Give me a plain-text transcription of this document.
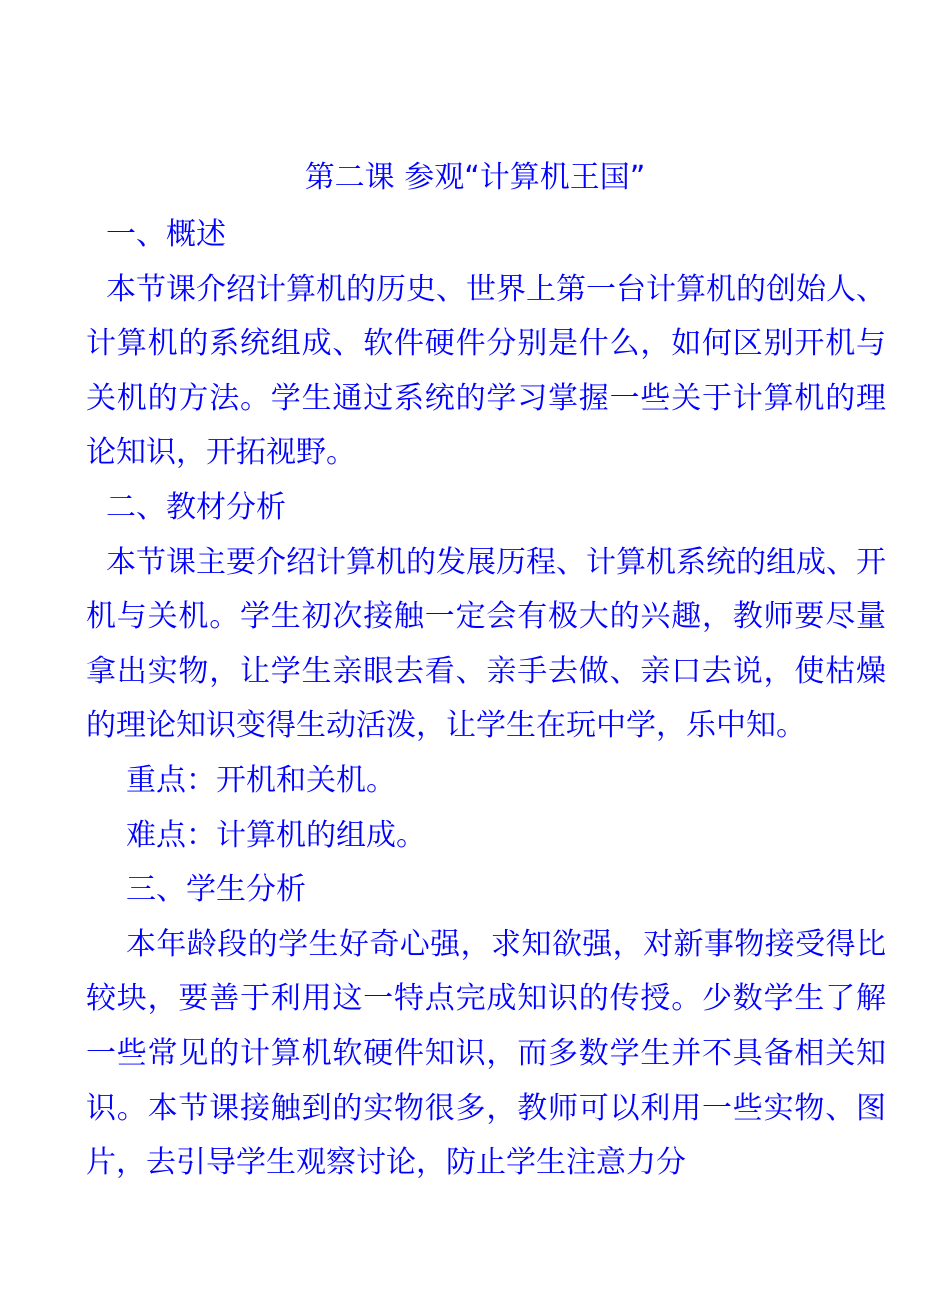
第二课 参观“计算机王国”

一、概述

本节课介绍计算机的历史、世界上第一台计算机的创始人、计算机的系统组成、软件硬件分别是什么，如何区别开机与关机的方法。学生通过系统的学习掌握一些关于计算机的理论知识，开拓视野。

二、教材分析

本节课主要介绍计算机的发展历程、计算机系统的组成、开机与关机。学生初次接触一定会有极大的兴趣，教师要尽量拿出实物，让学生亲眼去看、亲手去做、亲口去说，使枯燥的理论知识变得生动活泼，让学生在玩中学，乐中知。

重点：开机和关机。

难点：计算机的组成。

三、学生分析

本年龄段的学生好奇心强，求知欲强，对新事物接受得比较块，要善于利用这一特点完成知识的传授。少数学生了解一些常见的计算机软硬件知识，而多数学生并不具备相关知识。本节课接触到的实物很多，教师可以利用一些实物、图片，去引导学生观察讨论，防止学生注意力分
